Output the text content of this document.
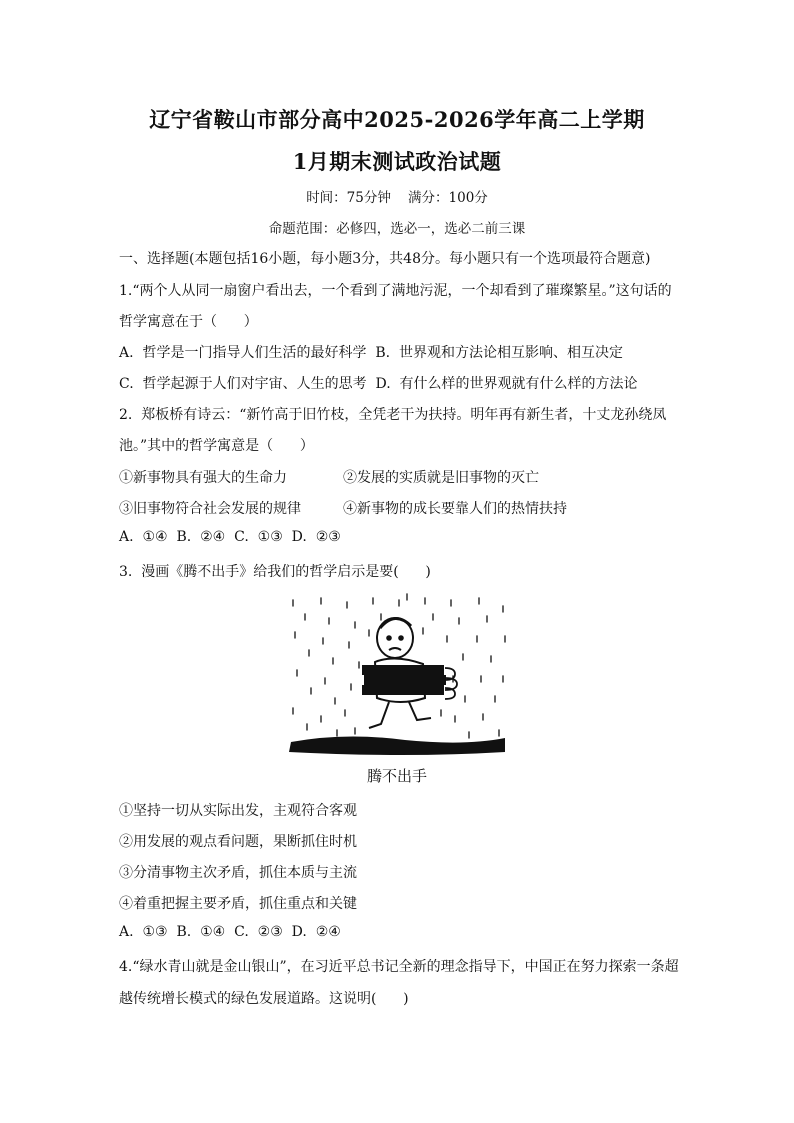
辽宁省鞍山市部分高中2025-2026学年高二上学期
1月期末测试政治试题
时间：75分钟    满分：100分
命题范围：必修四，选必一，选必二前三课
一、选择题(本题包括16小题，每小题3分，共48分。每小题只有一个选项最符合题意)
1.“两个人从同一扇窗户看出去，一个看到了满地污泥，一个却看到了璀璨繁星。”这句话的
哲学寓意在于（      ）
A.  哲学是一门指导人们生活的最好科学  B.  世界观和方法论相互影响、相互决定
C.  哲学起源于人们对宇宙、人生的思考  D.  有什么样的世界观就有什么样的方法论
2.  郑板桥有诗云：“新竹高于旧竹枝，全凭老干为扶持。明年再有新生者，十丈龙孙绕凤
池。”其中的哲学寓意是（      ）
①新事物具有强大的生命力	②发展的实质就是旧事物的灭亡
③旧事物符合社会发展的规律	④新事物的成长要靠人们的热情扶持
A.  ①④  B.  ②④  C.  ①③  D.  ②③
3.  漫画《腾不出手》给我们的哲学启示是要(      )
腾不出手
①坚持一切从实际出发，主观符合客观
②用发展的观点看问题，果断抓住时机
③分清事物主次矛盾，抓住本质与主流
④着重把握主要矛盾，抓住重点和关键
A.  ①③  B.  ①④  C.  ②③  D.  ②④
4.“绿水青山就是金山银山”，在习近平总书记全新的理念指导下，中国正在努力探索一条超
越传统增长模式的绿色发展道路。这说明(      )
